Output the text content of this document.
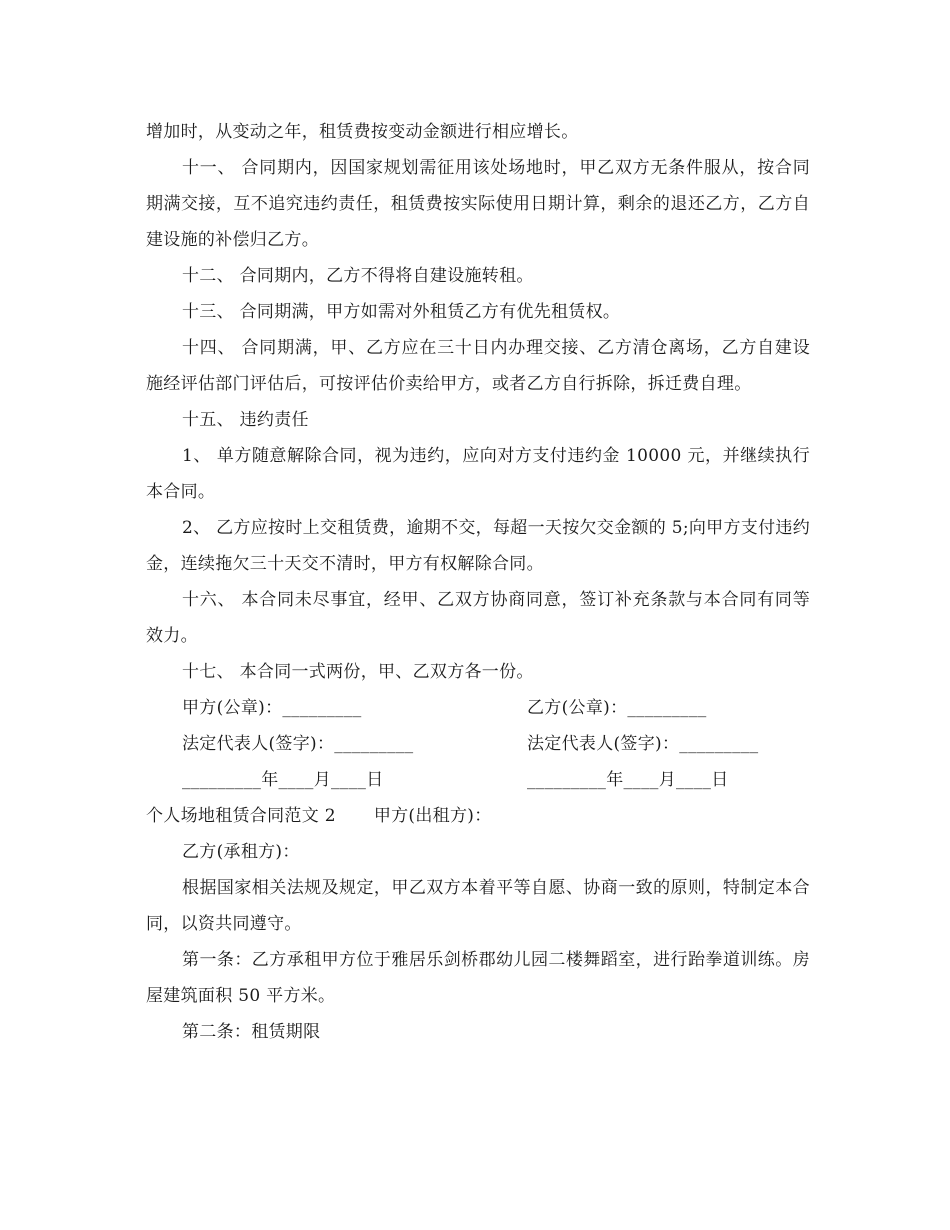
增加时，从变动之年，租赁费按变动金额进行相应增长。

十一、 合同期内，因国家规划需征用该处场地时，甲乙双方无条件服从，按合同期满交接，互不追究违约责任，租赁费按实际使用日期计算，剩余的退还乙方，乙方自建设施的补偿归乙方。

十二、 合同期内，乙方不得将自建设施转租。

十三、 合同期满，甲方如需对外租赁乙方有优先租赁权。

十四、 合同期满，甲、乙方应在三十日内办理交接、乙方清仓离场，乙方自建设施经评估部门评估后，可按评估价卖给甲方，或者乙方自行拆除，拆迁费自理。

十五、 违约责任

1、 单方随意解除合同，视为违约，应向对方支付违约金 10000 元，并继续执行本合同。

2、 乙方应按时上交租赁费，逾期不交，每超一天按欠交金额的 5;向甲方支付违约金，连续拖欠三十天交不清时，甲方有权解除合同。

十六、 本合同未尽事宜，经甲、乙双方协商同意，签订补充条款与本合同有同等效力。

十七、 本合同一式两份，甲、乙双方各一份。

甲方(公章)：_________	乙方(公章)：_________
法定代表人(签字)：_________	法定代表人(签字)：_________
_________年____月____日	_________年____月____日

个人场地租赁合同范文 2 甲方(出租方)：

乙方(承租方)：

根据国家相关法规及规定，甲乙双方本着平等自愿、协商一致的原则，特制定本合同，以资共同遵守。

第一条：乙方承租甲方位于雅居乐剑桥郡幼儿园二楼舞蹈室，进行跆拳道训练。房屋建筑面积 50 平方米。

第二条：租赁期限
